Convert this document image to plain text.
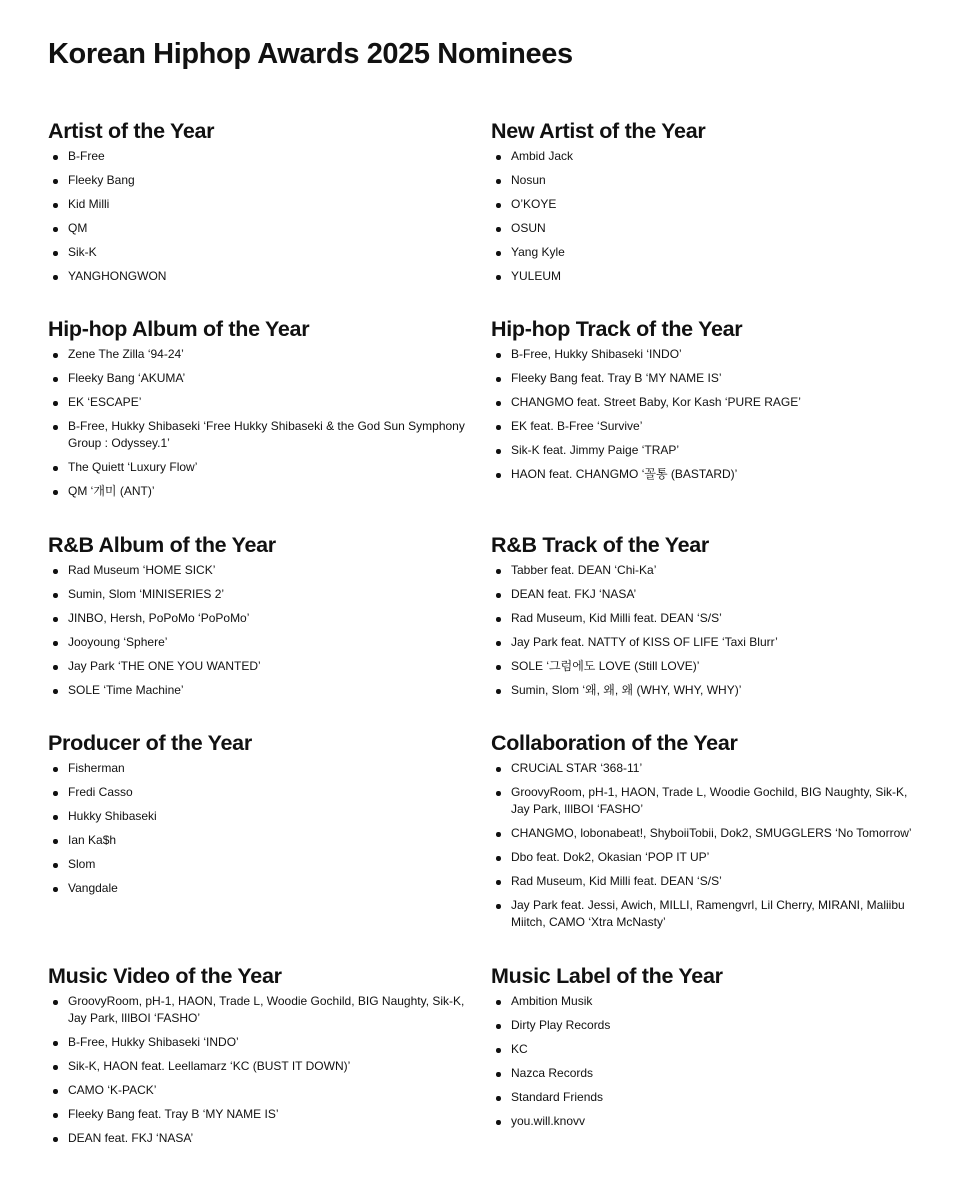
Korean Hiphop Awards 2025 Nominees
Artist of the Year
B-Free
Fleeky Bang
Kid Milli
QM
Sik-K
YANGHONGWON
New Artist of the Year
Ambid Jack
Nosun
O’KOYE
OSUN
Yang Kyle
YULEUM
Hip-hop Album of the Year
Zene The Zilla ‘94-24’
Fleeky Bang ‘AKUMA’
EK ‘ESCAPE’
B-Free, Hukky Shibaseki ‘Free Hukky Shibaseki & the God Sun Symphony Group : Odyssey.1’
The Quiett ‘Luxury Flow’
QM ‘개미 (ANT)’
Hip-hop Track of the Year
B-Free, Hukky Shibaseki ‘INDO’
Fleeky Bang feat. Tray B ‘MY NAME IS’
CHANGMO feat. Street Baby, Kor Kash ‘PURE RAGE’
EK feat. B-Free ‘Survive’
Sik-K feat. Jimmy Paige ‘TRAP’
HAON feat. CHANGMO ‘꼴통 (BASTARD)’
R&B Album of the Year
Rad Museum ‘HOME SICK’
Sumin, Slom ‘MINISERIES 2’
JINBO, Hersh, PoPoMo ‘PoPoMo’
Jooyoung ‘Sphere’
Jay Park ‘THE ONE YOU WANTED’
SOLE ‘Time Machine’
R&B Track of the Year
Tabber feat. DEAN ‘Chi-Ka’
DEAN feat. FKJ ‘NASA’
Rad Museum, Kid Milli feat. DEAN ‘S/S’
Jay Park feat. NATTY of KISS OF LIFE ‘Taxi Blurr’
SOLE ‘그럼에도 LOVE (Still LOVE)’
Sumin, Slom ‘왜, 왜, 왜 (WHY, WHY, WHY)’
Producer of the Year
Fisherman
Fredi Casso
Hukky Shibaseki
Ian Ka$h
Slom
Vangdale
Collaboration of the Year
CRUCiAL STAR ‘368-11’
GroovyRoom, pH-1, HAON, Trade L, Woodie Gochild, BIG Naughty, Sik-K, Jay Park, lIlBOI ‘FASHO’
CHANGMO, lobonabeat!, ShyboiiTobii, Dok2, SMUGGLERS ‘No Tomorrow’
Dbo feat. Dok2, Okasian ‘POP IT UP’
Rad Museum, Kid Milli feat. DEAN ‘S/S’
Jay Park feat. Jessi, Awich, MILLI, Ramengvrl, Lil Cherry, MIRANI, Maliibu Miitch, CAMO ‘Xtra McNasty’
Music Video of the Year
GroovyRoom, pH-1, HAON, Trade L, Woodie Gochild, BIG Naughty, Sik-K, Jay Park, lIlBOI ‘FASHO’
B-Free, Hukky Shibaseki ‘INDO’
Sik-K, HAON feat. Leellamarz ‘KC (BUST IT DOWN)’
CAMO ‘K-PACK’
Fleeky Bang feat. Tray B ‘MY NAME IS’
DEAN feat. FKJ ‘NASA’
Music Label of the Year
Ambition Musik
Dirty Play Records
KC
Nazca Records
Standard Friends
you.will.knovv
